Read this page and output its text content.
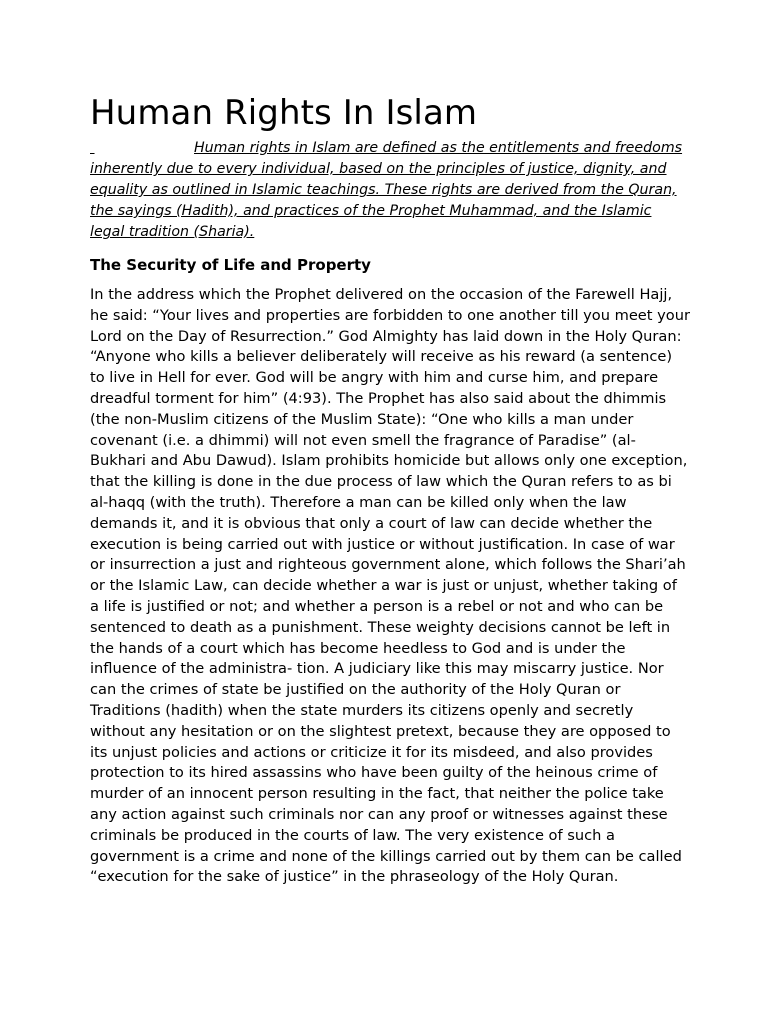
Human Rights In Islam

Human rights in Islam are defined as the entitlements and freedoms inherently due to every individual, based on the principles of justice, dignity, and equality as outlined in Islamic teachings. These rights are derived from the Quran, the sayings (Hadith), and practices of the Prophet Muhammad, and the Islamic legal tradition (Sharia).

The Security of Life and Property

In the address which the Prophet delivered on the occasion of the Farewell Hajj, he said: “Your lives and properties are forbidden to one another till you meet your Lord on the Day of Resurrection.” God Almighty has laid down in the Holy Quran: “Anyone who kills a believer deliberately will receive as his reward (a sentence) to live in Hell for ever. God will be angry with him and curse him, and prepare dreadful torment for him” (4:93). The Prophet has also said about the dhimmis (the non-Muslim citizens of the Muslim State): “One who kills a man under covenant (i.e. a dhimmi) will not even smell the fragrance of Paradise” (al-Bukhari and Abu Dawud). Islam prohibits homicide but allows only one exception, that the killing is done in the due process of law which the Quran refers to as bi al-haqq (with the truth). Therefore a man can be killed only when the law demands it, and it is obvious that only a court of law can decide whether the execution is being carried out with justice or without justification. In case of war or insurrection a just and righteous government alone, which follows the Shari’ah or the Islamic Law, can decide whether a war is just or unjust, whether taking of a life is justified or not; and whether a person is a rebel or not and who can be sentenced to death as a punishment. These weighty decisions cannot be left in the hands of a court which has become heedless to God and is under the influence of the administra- tion. A judiciary like this may miscarry justice. Nor can the crimes of state be justified on the authority of the Holy Quran or Traditions (hadith) when the state murders its citizens openly and secretly without any hesitation or on the slightest pretext, because they are opposed to its unjust policies and actions or criticize it for its misdeed, and also provides protection to its hired assassins who have been guilty of the heinous crime of murder of an innocent person resulting in the fact, that neither the police take any action against such criminals nor can any proof or witnesses against these criminals be produced in the courts of law. The very existence of such a government is a crime and none of the killings carried out by them can be called “execution for the sake of justice” in the phraseology of the Holy Quran.
